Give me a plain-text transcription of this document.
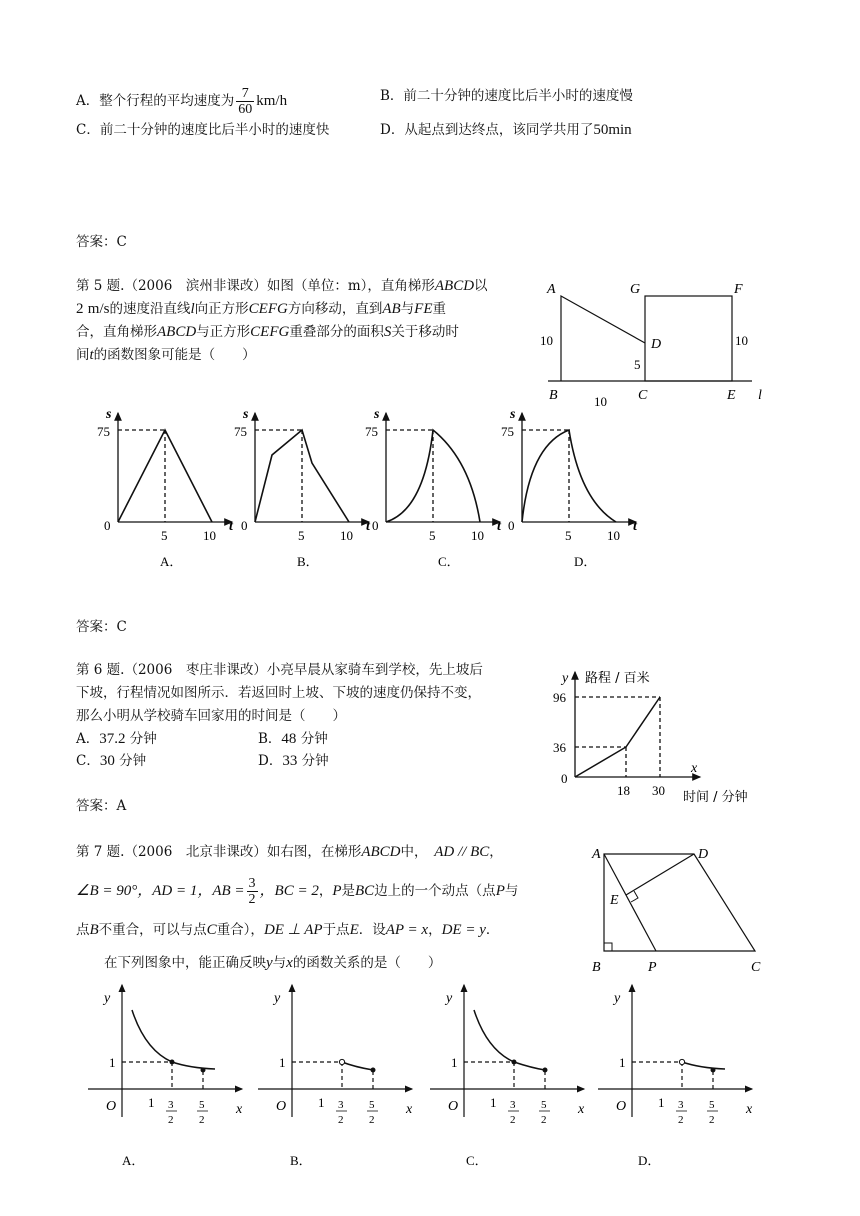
A．整个行程的平均速度为 $\frac{7}{60} km/h$	B．前二十分钟的速度比后半小时的速度慢
C．前二十分钟的速度比后半小时的速度快	D．从起点到达终点，该同学共用了50min
答案：C
第 5 题.（2006　滨州非课改）如图（单位：m），直角梯形ABCD以
2 m/s的速度沿直线l向正方形CEFG方向移动，直到AB与FE重
合，直角梯形ABCD与正方形CEFG重叠部分的面积S关于移动时
间t的函数图象可能是（　　）
A
B	C
D
E
F
G
l
10
5
10
10
s
t
0
75
5	10
A．
s
t
0
75
5	10
B．
s
t
0
75
5	10
C．
s
t
0
75
5	10
D．
答案：C
第 6 题.（2006　枣庄非课改）小亮早晨从家骑车到学校，先上坡后
下坡，行程情况如图所示．若返回时上坡、下坡的速度仍保持不变，
那么小明从学校骑车回家用的时间是（　　）
A．37.2 分钟	B．48 分钟
C．30 分钟	D．33 分钟
答案：A
y 路程 / 百米
x
时间 / 分钟
0
96
36
18 30
第 7 题.（2006　北京非课改）如右图，在梯形ABCD中，　 AD // BC，
∠B = 90°，AD = 1，AB = $\frac{3}{2}$ ，BC = 2，P是BC边上的一个动点（点P与
点B不重合，可以与点C重合），DE ⊥ AP于点E．设AP = x，DE = y．
在下列图象中，能正确反映y与x的函数关系的是（　　）
A
B	C
D
E
P
y
x
O
1
1 3
2
5
2
A．
y
x
O
1
1 3
2
5
2
B．
y
x
O
1
1 3
2
5
2
C．
y
x
O
1
1 3
2
5
2
D．
